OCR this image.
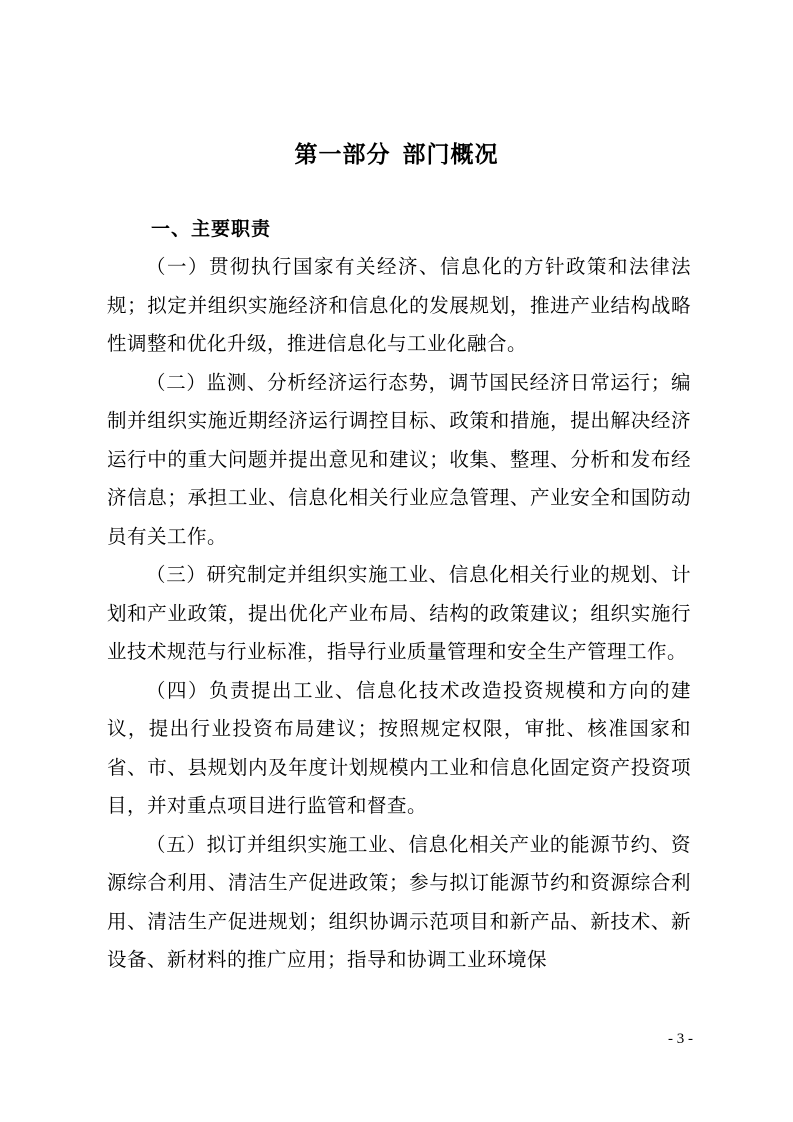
第一部分 部门概况
一、主要职责

（一）贯彻执行国家有关经济、信息化的方针政策和法律法规；拟定并组织实施经济和信息化的发展规划，推进产业结构战略性调整和优化升级，推进信息化与工业化融合。

（二）监测、分析经济运行态势，调节国民经济日常运行；编制并组织实施近期经济运行调控目标、政策和措施，提出解决经济运行中的重大问题并提出意见和建议；收集、整理、分析和发布经济信息；承担工业、信息化相关行业应急管理、产业安全和国防动员有关工作。

（三）研究制定并组织实施工业、信息化相关行业的规划、计划和产业政策，提出优化产业布局、结构的政策建议；组织实施行业技术规范与行业标准，指导行业质量管理和安全生产管理工作。

（四）负责提出工业、信息化技术改造投资规模和方向的建议，提出行业投资布局建议；按照规定权限，审批、核准国家和省、市、县规划内及年度计划规模内工业和信息化固定资产投资项目，并对重点项目进行监管和督查。

（五）拟订并组织实施工业、信息化相关产业的能源节约、资源综合利用、清洁生产促进政策；参与拟订能源节约和资源综合利用、清洁生产促进规划；组织协调示范项目和新产品、新技术、新设备、新材料的推广应用；指导和协调工业环境保

- 3 -
